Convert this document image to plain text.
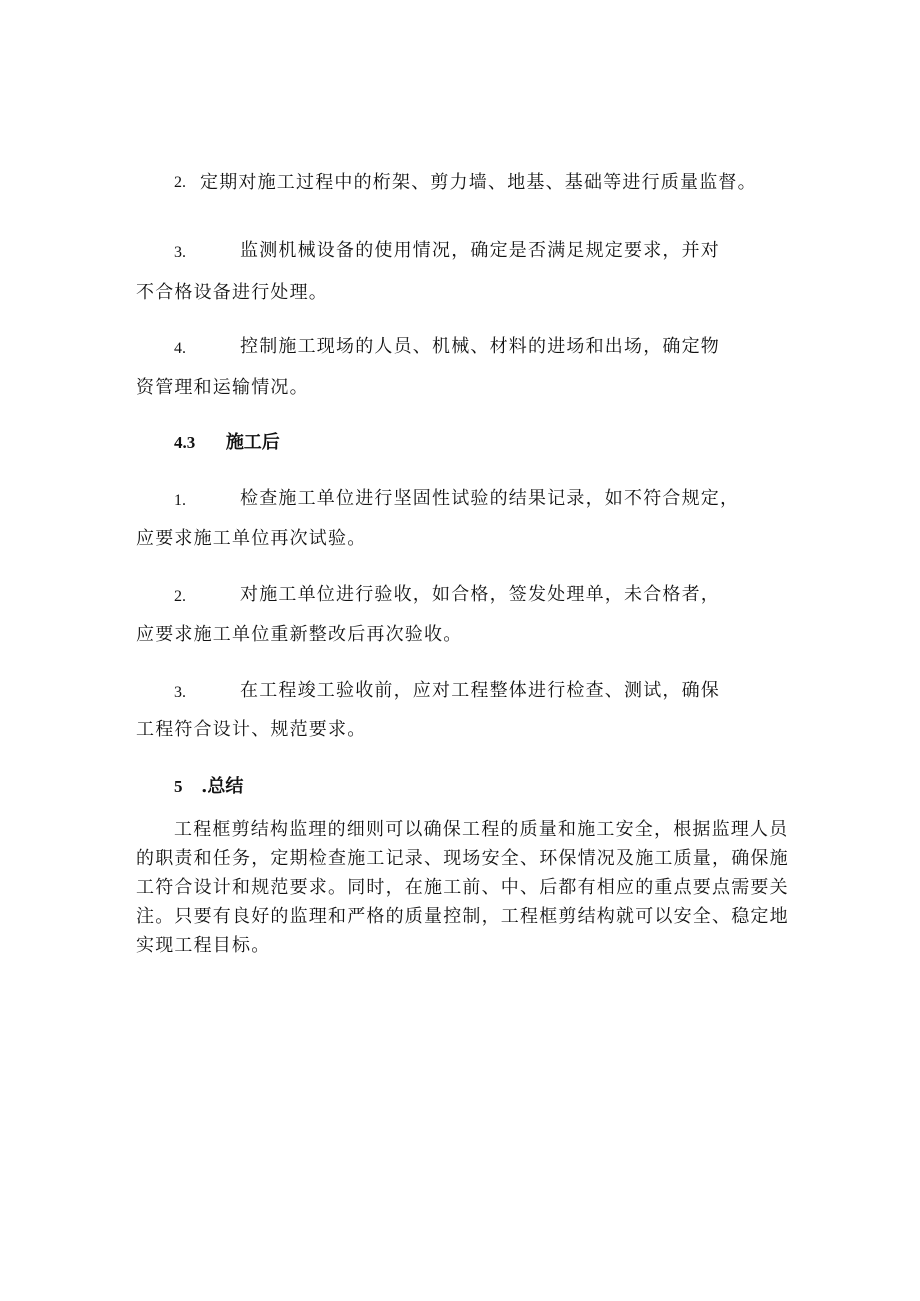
2. 定期对施工过程中的桁架、剪力墙、地基、基础等进行质量监督。
3.	监测机械设备的使用情况，确定是否满足规定要求，并对
不合格设备进行处理。
4.	控制施工现场的人员、机械、材料的进场和出场，确定物
资管理和运输情况。
4.3 施工后
1.	检查施工单位进行坚固性试验的结果记录，如不符合规定，
应要求施工单位再次试验。
2.	对施工单位进行验收，如合格，签发处理单，未合格者，
应要求施工单位重新整改后再次验收。
3.	在工程竣工验收前，应对工程整体进行检查、测试，确保
工程符合设计、规范要求。
5 .总结

工程框剪结构监理的细则可以确保工程的质量和施工安全，根据监理人员的职责和任务，定期检查施工记录、现场安全、环保情况及施工质量，确保施工符合设计和规范要求。同时，在施工前、中、后都有相应的重点要点需要关注。只要有良好的监理和严格的质量控制，工程框剪结构就可以安全、稳定地实现工程目标。
